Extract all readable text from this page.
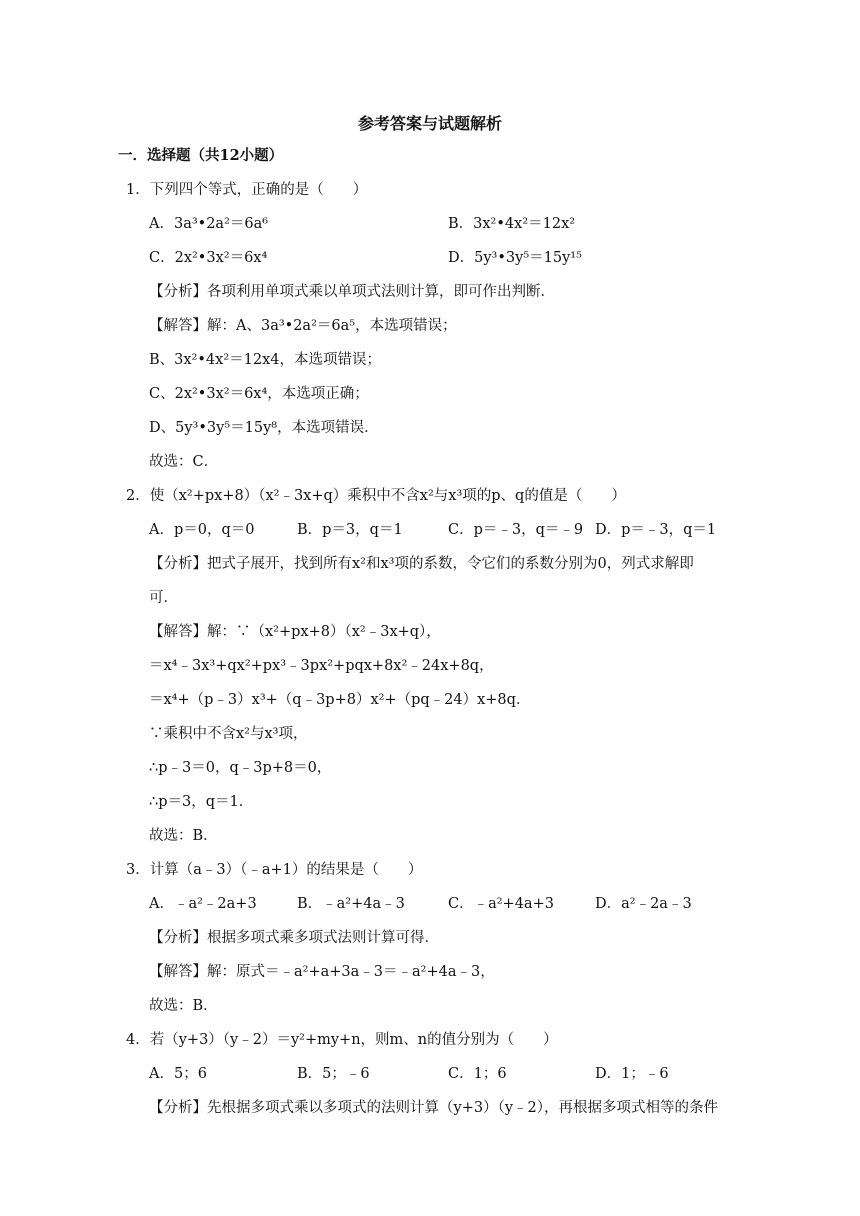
参考答案与试题解析
一．选择题（共12小题）
1．下列四个等式，正确的是（　　）
A．3a³•2a²＝6a⁶	B．3x²•4x²＝12x²
C．2x²•3x²＝6x⁴	D．5y³•3y⁵＝15y¹⁵
【分析】各项利用单项式乘以单项式法则计算，即可作出判断．
【解答】解：A、3a³•2a²＝6a⁵，本选项错误；
B、3x²•4x²＝12x4，本选项错误；
C、2x²•3x²＝6x⁴，本选项正确；
D、5y³•3y⁵＝15y⁸，本选项错误．
故选：C．
2．使（x²+px+8）（x²﹣3x+q）乘积中不含x²与x³项的p、q的值是（　　）
A．p＝0，q＝0	B．p＝3，q＝1	C．p＝﹣3，q＝﹣9 D．p＝﹣3，q＝1
【分析】把式子展开，找到所有x²和x³项的系数，令它们的系数分别为0，列式求解即
可．
【解答】解：∵（x²+px+8）（x²﹣3x+q），
＝x⁴﹣3x³+qx²+px³﹣3px²+pqx+8x²﹣24x+8q，
＝x⁴+（p﹣3）x³+（q﹣3p+8）x²+（pq﹣24）x+8q．
∵乘积中不含x²与x³项，
∴p﹣3＝0，q﹣3p+8＝0，
∴p＝3，q＝1．
故选：B．
3．计算（a﹣3）（﹣a+1）的结果是（　　）
A．﹣a²﹣2a+3	B．﹣a²+4a﹣3	C．﹣a²+4a+3	D．a²﹣2a﹣3
【分析】根据多项式乘多项式法则计算可得．
【解答】解：原式＝﹣a²+a+3a﹣3＝﹣a²+4a﹣3，
故选：B．
4．若（y+3）（y﹣2）＝y²+my+n，则m、n的值分别为（　　）
A．5；6	B．5；﹣6	C．1；6	D．1；﹣6
【分析】先根据多项式乘以多项式的法则计算（y+3）（y﹣2），再根据多项式相等的条件
